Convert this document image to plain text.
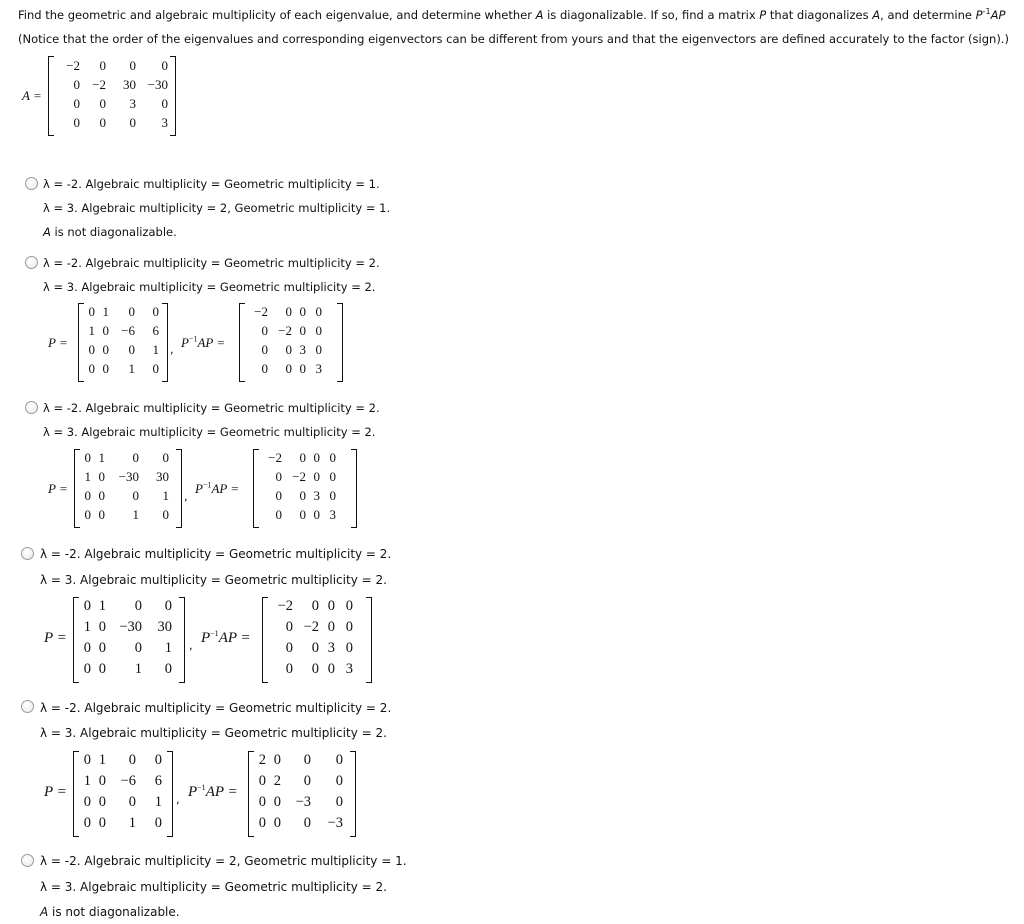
Find the geometric and algebraic multiplicity of each eigenvalue, and determine whether A is diagonalizable. If so, find a matrix P that diagonalizes A, and determine $P^{-1}AP$
(Notice that the order of the eigenvalues and corresponding eigenvectors can be different from yours and that the eigenvectors are defined accurately to the factor (sign).)
A =
−2	0	0	0
0 −2	30 −30
0	0	3	0
0	0	0	3
λ = -2. Algebraic multiplicity = Geometric multiplicity = 1.
λ = 3. Algebraic multiplicity = 2, Geometric multiplicity = 1.
A is not diagonalizable.
λ = -2. Algebraic multiplicity = Geometric multiplicity = 2.
λ = 3. Algebraic multiplicity = Geometric multiplicity = 2.
P =
0 1	0	0
1 0 −6	6
0 0	0	1
0 0	1	0
, $P^{-1}AP$ =
−2	0 0 0
0 −2 0 0
0	0 3 0
0	0 0 3
λ = -2. Algebraic multiplicity = Geometric multiplicity = 2.
λ = 3. Algebraic multiplicity = Geometric multiplicity = 2.
P =
0 1	0	0
1 0	−30	30
0 0	0	1
0 0	1	0
, $P^{-1}AP$ =
−2	0 0 0
0 −2 0 0
0	0 3 0
0	0 0 3
λ = -2. Algebraic multiplicity = Geometric multiplicity = 2.
λ = 3. Algebraic multiplicity = Geometric multiplicity = 2.
P =
0 1	0	0
1 0 −30	30
0 0	0	1
0 0	1	0
, $P^{-1}AP$ =
−2	0 0 0
0 −2 0 0
0	0 3 0
0	0 0 3
λ = -2. Algebraic multiplicity = Geometric multiplicity = 2.
λ = 3. Algebraic multiplicity = Geometric multiplicity = 2.
P =
0 1	0	0
1 0	−6	6
0 0	0	1
0 0	1	0
, $P^{-1}AP$ =
2 0	0	0
0 2	0	0
0 0	−3	0
0 0	0	−3
λ = -2. Algebraic multiplicity = 2, Geometric multiplicity = 1.
λ = 3. Algebraic multiplicity = Geometric multiplicity = 2.
A is not diagonalizable.
